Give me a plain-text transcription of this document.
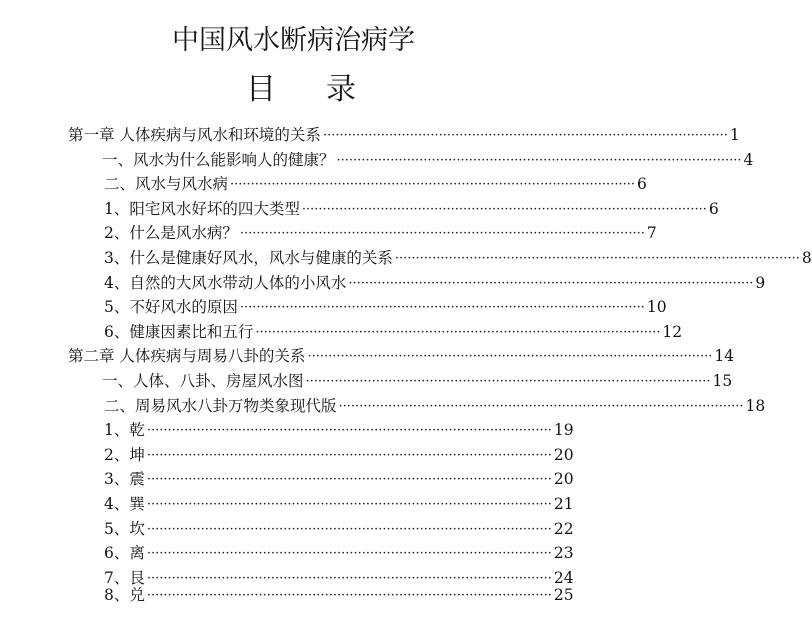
中国风水断病治病学
目 录
第一章 人体疾病与风水和环境的关系 ·································································································· 1
一、风水为什么能影响人的健康？ ·································································································· 4
二、风水与风水病 ·································································································· 6
1、阳宅风水好坏的四大类型 ·································································································· 6
2、什么是风水病？ ·································································································· 7
3、什么是健康好风水，风水与健康的关系 ·································································································· 8
4、自然的大风水带动人体的小风水 ·································································································· 9
5、不好风水的原因 ·································································································· 10
6、健康因素比和五行 ·································································································· 12
第二章 人体疾病与周易八卦的关系 ·································································································· 14
一、人体、八卦、房屋风水图 ·································································································· 15
二、周易风水八卦万物类象现代版 ·································································································· 18
1、乾 ·································································································· 19
2、坤 ·································································································· 20
3、震 ·································································································· 20
4、巽 ·································································································· 21
5、坎 ·································································································· 22
6、离 ·································································································· 23
7、艮 ·································································································· 24
8、兑 ·································································································· 25
